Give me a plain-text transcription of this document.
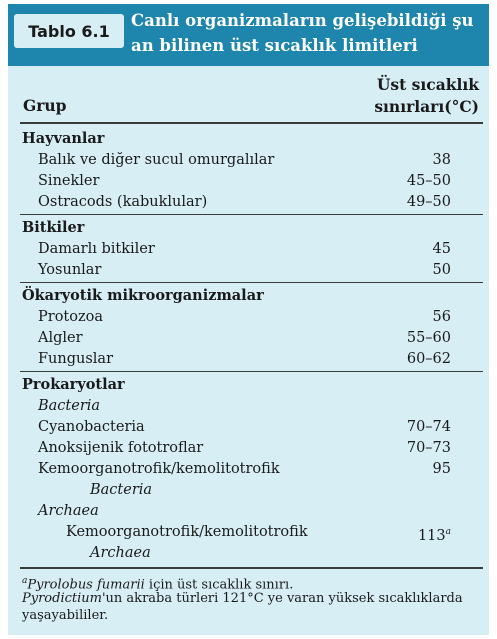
Tablo 6.1
Canlı organizmaların gelişebildiği şu
an bilinen üst sıcaklık limitleri
Üst sıcaklık
sınırları(°C)
Grup
Hayvanlar
Balık ve diğer sucul omurgalılar	38
Sinekler	45–50
Ostracods (kabuklular)	49–50
Bitkiler
Damarlı bitkiler	45
Yosunlar	50
Ökaryotik mikroorganizmalar
Protozoa	56
Algler	55–60
Funguslar	60–62
Prokaryotlar
Bacteria
Cyanobacteria	70–74
Anoksijenik fototroflar	70–73
Kemoorganotrofik/kemolitotrofik	95
Bacteria
Archaea
Kemoorganotrofik/kemolitotrofik	113$^a$
Archaea
$^a$Pyrolobus fumarii için üst sıcaklık sınırı.
Pyrodictium'un akraba türleri 121°C ye varan yüksek sıcaklıklarda
yaşayabililer.
